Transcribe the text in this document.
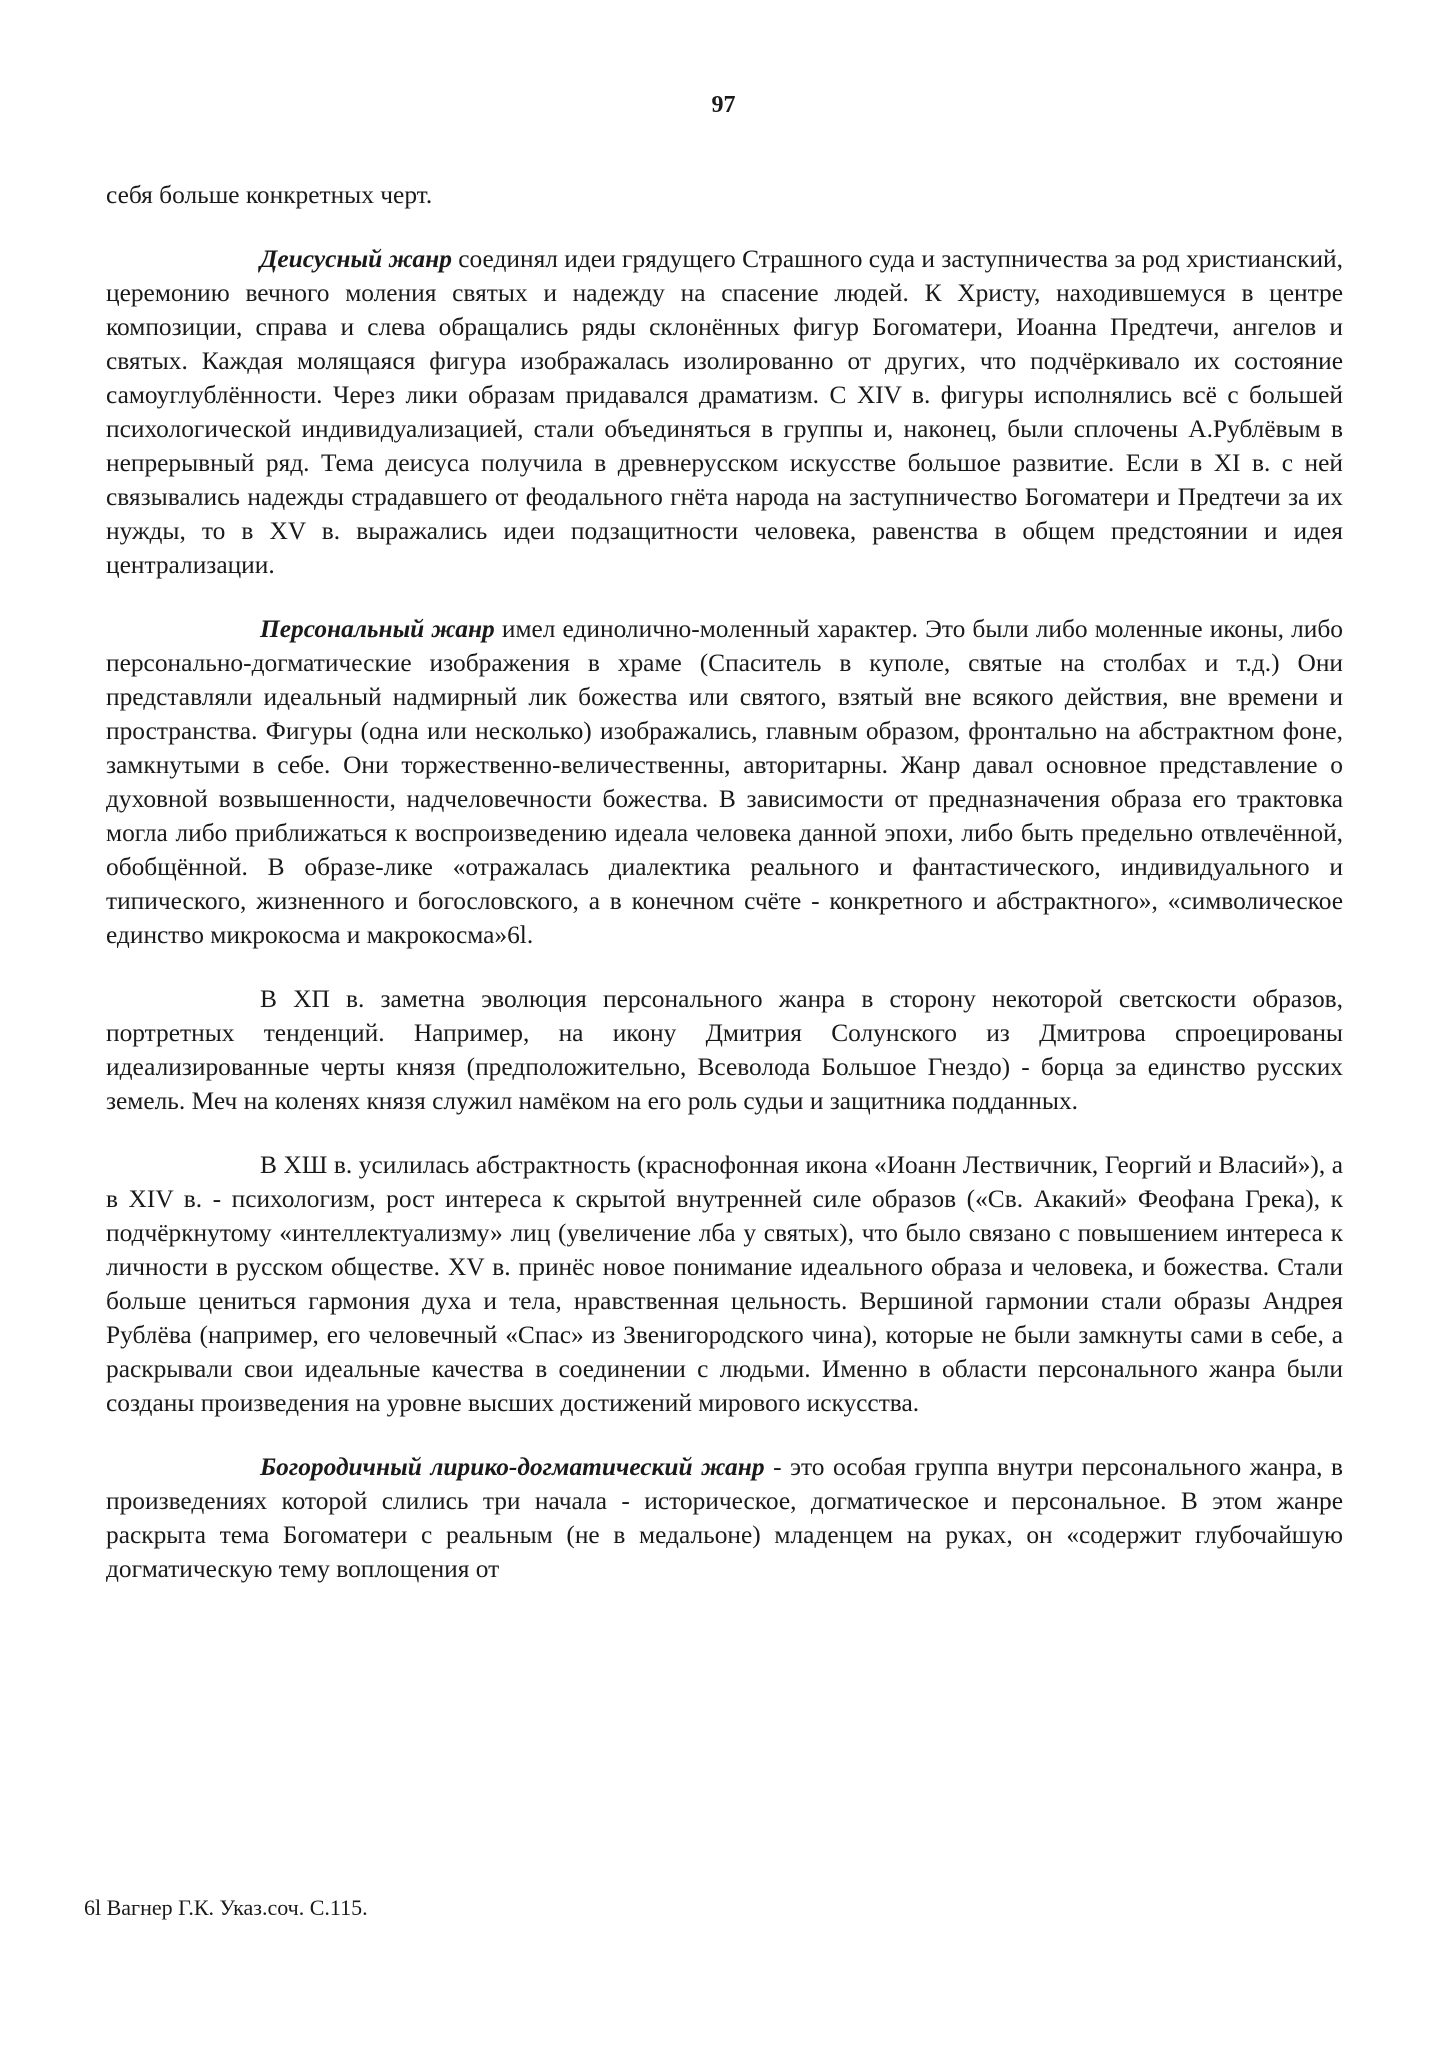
97

себя больше конкретных черт.

Деисусный жанр соединял идеи грядущего Страшного суда и заступничества за род христианский, церемонию вечного моления святых и надежду на спасение людей. К Христу, находившемуся в центре композиции, справа и слева обращались ряды склонённых фигур Богоматери, Иоанна Предтечи, ангелов и святых. Каждая молящаяся фигура изображалась изолированно от других, что подчёркивало их состояние самоуглублённости. Через лики образам придавался драматизм. С XIV в. фигуры исполнялись всё с большей психологической индивидуализацией, стали объединяться в группы и, наконец, были сплочены А.Рублёвым в непрерывный ряд. Тема деисуса получила в древнерусском искусстве большое развитие. Если в XI в. с ней связывались надежды страдавшего от феодального гнёта народа на заступничество Богоматери и Предтечи за их нужды, то в XV в. выражались идеи подзащитности человека, равенства в общем предстоянии и идея централизации.

Персональный жанр имел единолично-моленный характер. Это были либо моленные иконы, либо персонально-догматические изображения в храме (Спаситель в куполе, святые на столбах и т.д.) Они представляли идеальный надмирный лик божества или святого, взятый вне всякого действия, вне времени и пространства. Фигуры (одна или несколько) изображались, главным образом, фронтально на абстрактном фоне, замкнутыми в себе. Они торжественно-величественны, авторитарны. Жанр давал основное представление о духовной возвышенности, надчеловечности божества. В зависимости от предназначения образа его трактовка могла либо приближаться к воспроизведению идеала человека данной эпохи, либо быть предельно отвлечённой, обобщённой. В образе-лике «отражалась диалектика реального и фантастического, индивидуального и типического, жизненного и богословского, а в конечном счёте - конкретного и абстрактного», «символическое единство микрокосма и макрокосма»6l.

В XП в. заметна эволюция персонального жанра в сторону некоторой светскости образов, портретных тенденций. Например, на икону Дмитрия Солунского из Дмитрова спроецированы идеализированные черты князя (предположительно, Всеволода Большое Гнездо) - борца за единство русских земель. Меч на коленях князя служил намёком на его роль судьи и защитника подданных.

В XШ в. усилилась абстрактность (краснофонная икона «Иоанн Лествичник, Георгий и Власий»), а в XIV в. - психологизм, рост интереса к скрытой внутренней силе образов («Св. Акакий» Феофана Грека), к подчёркнутому «интеллектуализму» лиц (увеличение лба у святых), что было связано с повышением интереса к личности в русском обществе. XV в. принёс новое понимание идеального образа и человека, и божества. Стали больше цениться гармония духа и тела, нравственная цельность. Вершиной гармонии стали образы Андрея Рублёва (например, его человечный «Спас» из Звенигородского чина), которые не были замкнуты сами в себе, а раскрывали свои идеальные качества в соединении с людьми. Именно в области персонального жанра были созданы произведения на уровне высших достижений мирового искусства.

Богородичный лирико-догматический жанр - это особая группа внутри персонального жанра, в произведениях которой слились три начала - историческое, догматическое и персональное. В этом жанре раскрыта тема Богоматери с реальным (не в медальоне) младенцем на руках, он «содержит глубочайшую догматическую тему воплощения от

6l Вагнер Г.К. Указ.соч. С.115.
